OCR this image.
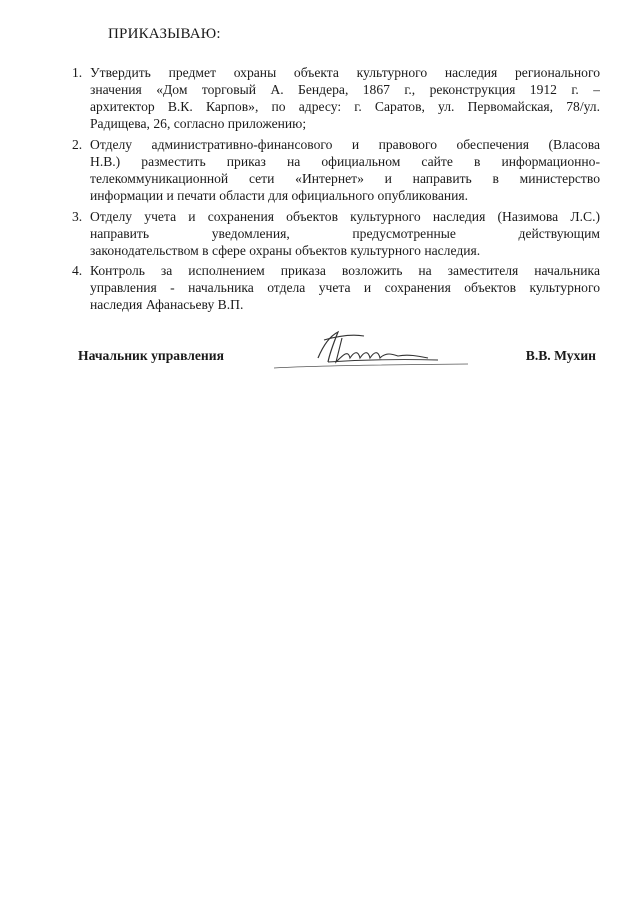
ПРИКАЗЫВАЮ:
1. Утвердить предмет охраны объекта культурного наследия регионального
значения «Дом торговый А. Бендера, 1867 г., реконструкция 1912 г. –
архитектор В.К. Карпов», по адресу: г. Саратов, ул. Первомайская, 78/ул.
Радищева, 26, согласно приложению;
2. Отделу административно-финансового и правового обеспечения (Власова
Н.В.) разместить приказ на официальном сайте в информационно-
телекоммуникационной сети «Интернет» и направить в министерство
информации и печати области для официального опубликования.
3. Отделу учета и сохранения объектов культурного наследия (Назимова Л.С.)
направить уведомления, предусмотренные действующим
законодательством в сфере охраны объектов культурного наследия.
4. Контроль за исполнением приказа возложить на заместителя начальника
управления - начальника отдела учета и сохранения объектов культурного
наследия Афанасьеву В.П.
Начальник управления	В.В. Мухин
